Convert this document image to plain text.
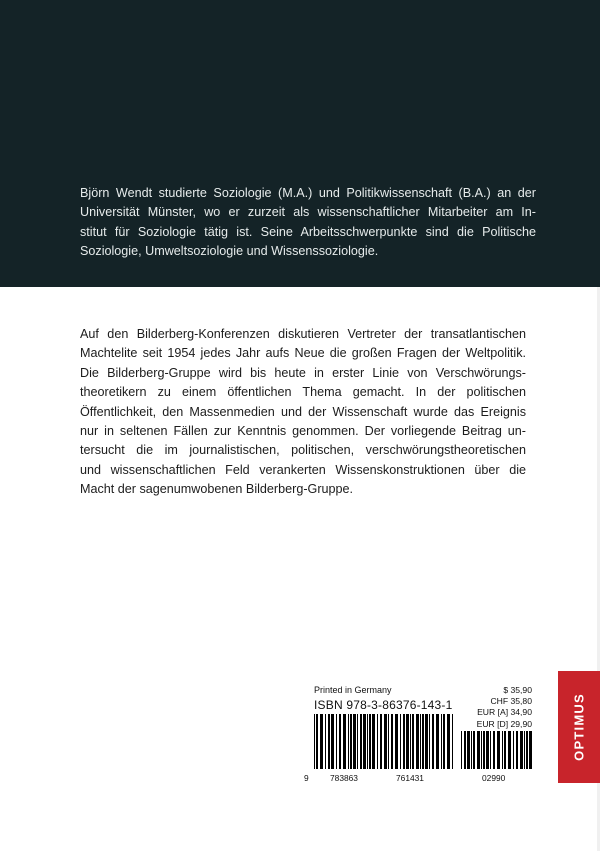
Björn Wendt studierte Soziologie (M.A.) und Politikwissenschaft (B.A.) an der
Universität Münster, wo er zurzeit als wissenschaftlicher Mitarbeiter am In-
stitut für Soziologie tätig ist. Seine Arbeitsschwerpunkte sind die Politische
Soziologie, Umweltsoziologie und Wissenssoziologie.
Auf den Bilderberg-Konferenzen diskutieren Vertreter der transatlantischen
Machtelite seit 1954 jedes Jahr aufs Neue die großen Fragen der Weltpolitik.
Die Bilderberg-Gruppe wird bis heute in erster Linie von Verschwörungs-
theoretikern zu einem öffentlichen Thema gemacht. In der politischen
Öffentlichkeit, den Massenmedien und der Wissenschaft wurde das Ereignis
nur in seltenen Fällen zur Kenntnis genommen. Der vorliegende Beitrag un-
tersucht die im journalistischen, politischen, verschwörungstheoretischen
und wissenschaftlichen Feld verankerten Wissenskonstruktionen über die
Macht der sagenumwobenen Bilderberg-Gruppe.
Printed in Germany
ISBN 978-3-86376-143-1
$ 35,90
CHF 35,80
EUR [A] 34,90
EUR [D] 29,90
9	783863	761431	02990
OPTIMUS
